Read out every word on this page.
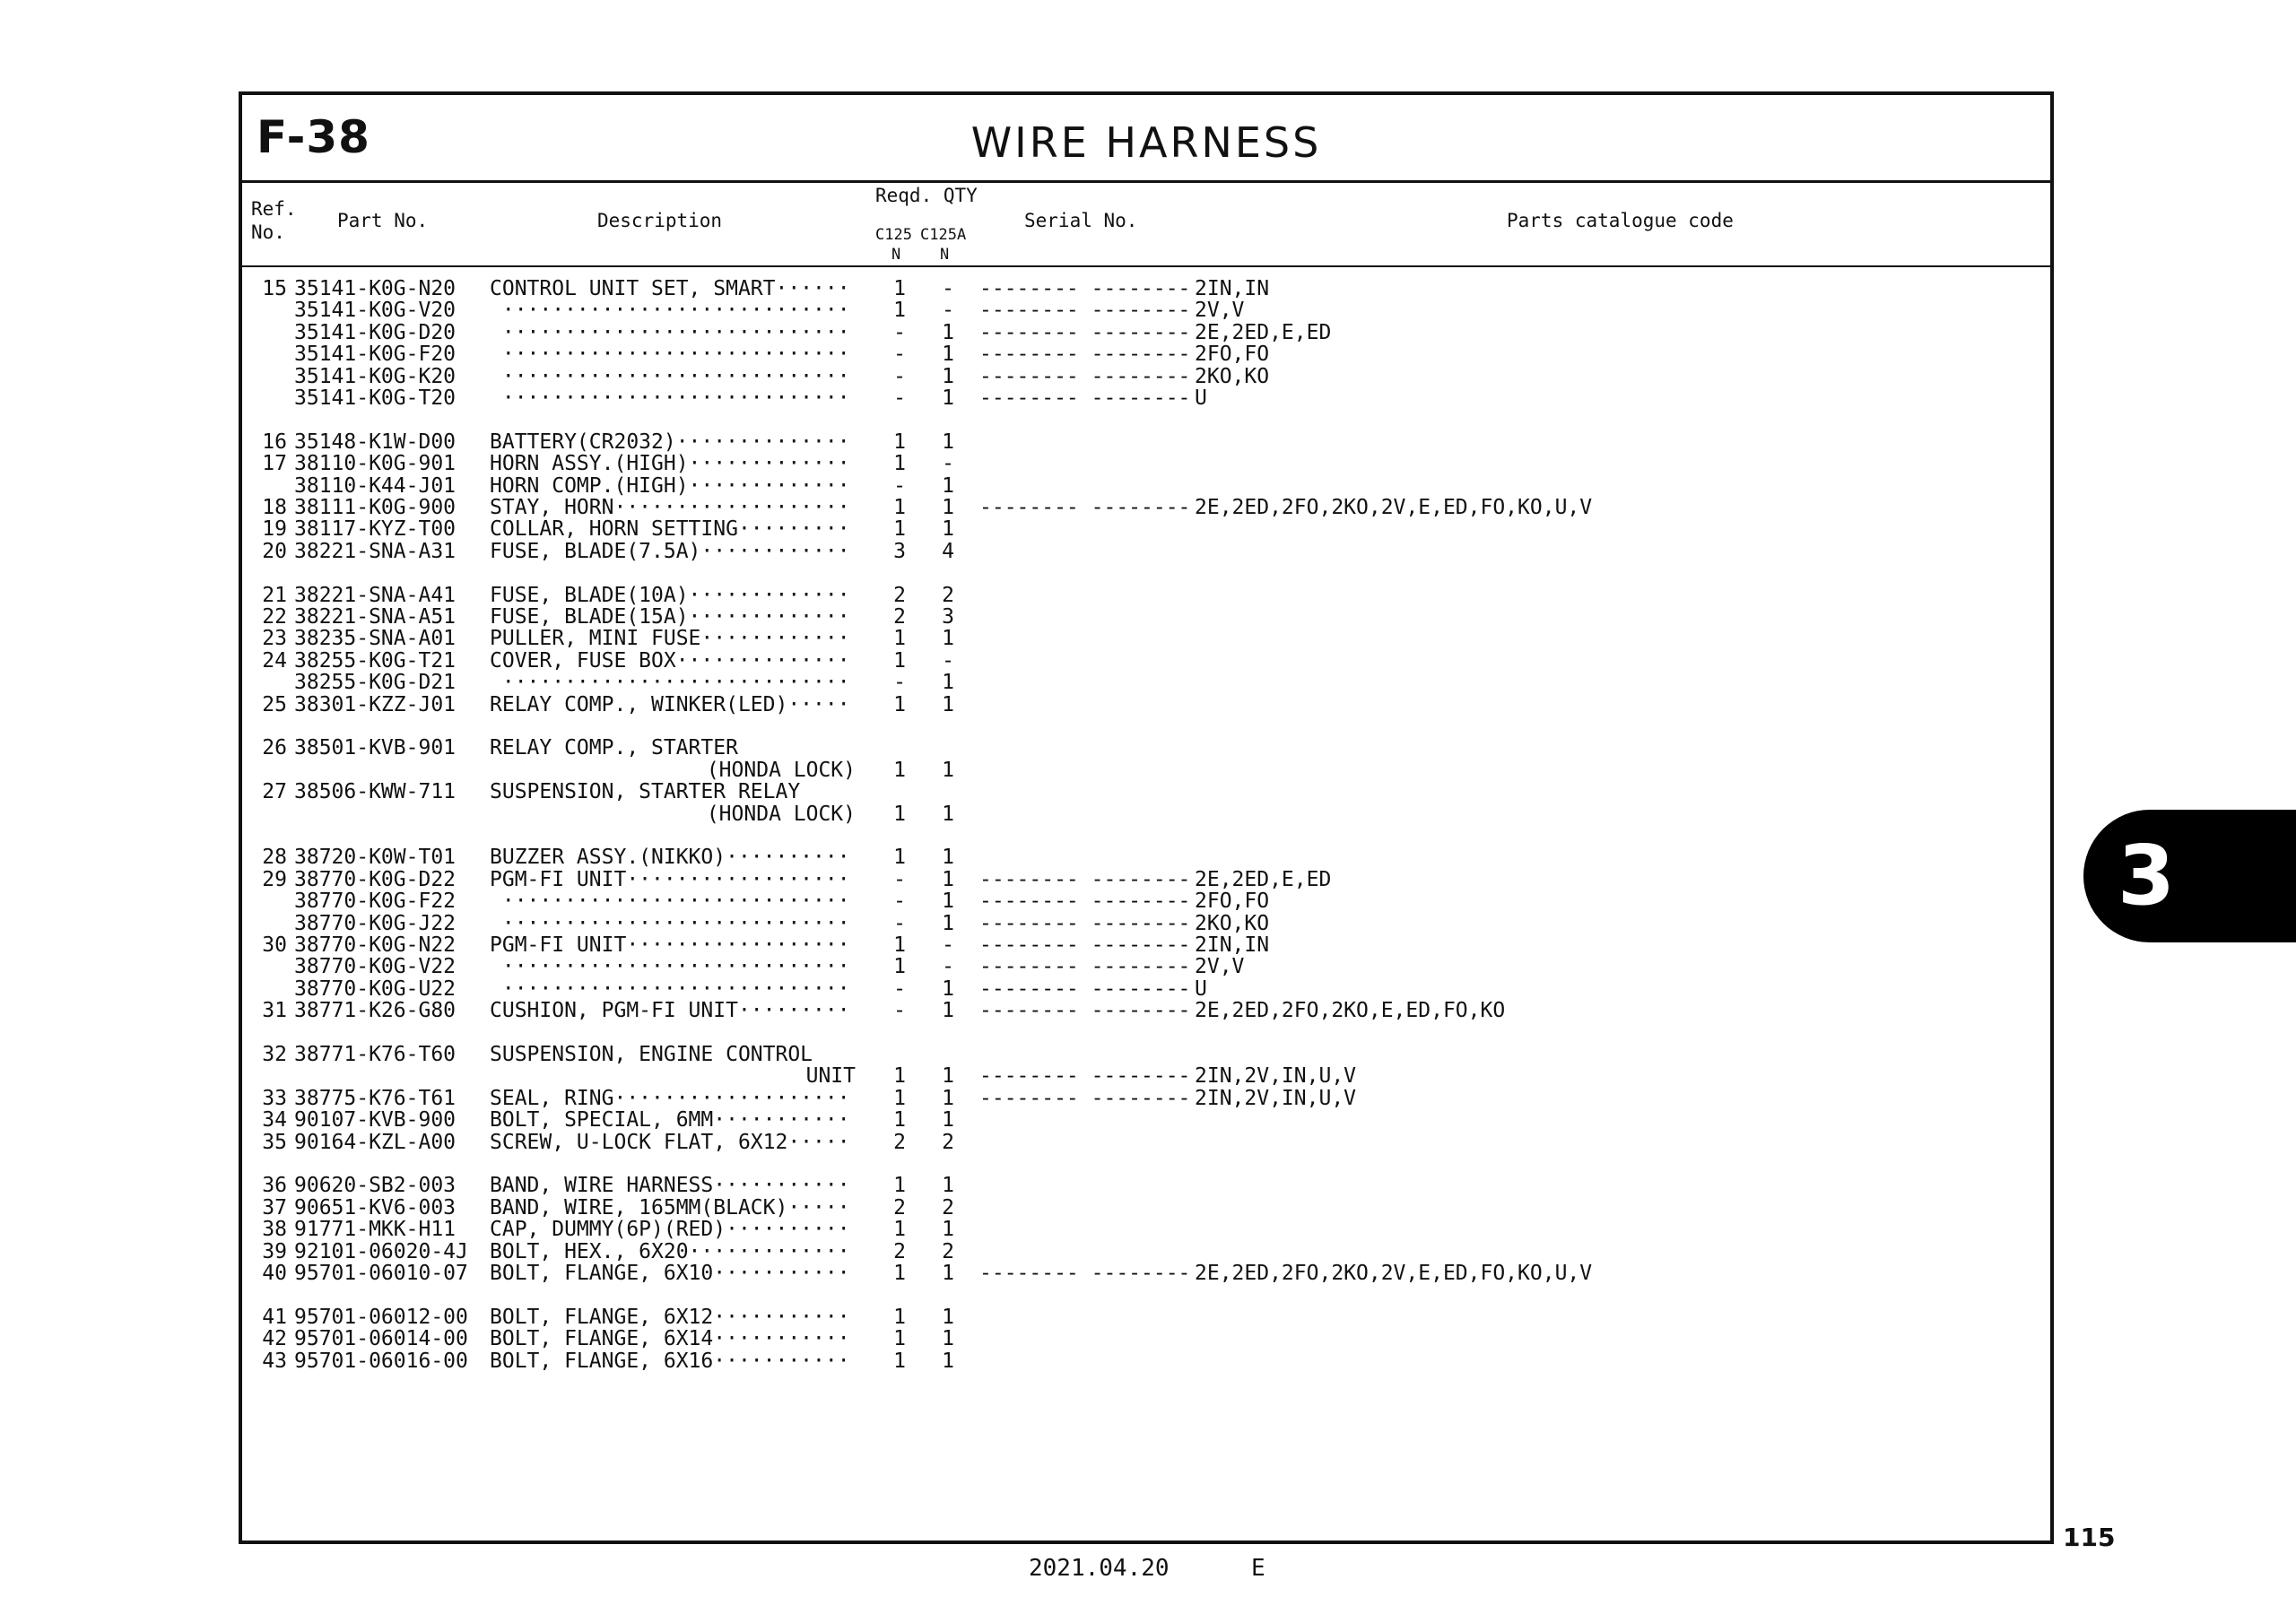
F-38	WIRE HARNESS
Ref.
No.
Part No.	Description
Reqd. QTY
C125 C125A
N	N
Serial No.	Parts catalogue code
15 35141-K0G-N20 CONTROL UNIT SET, SMART······	1	-	-------- -------- 2IN,IN
35141-K0G-V20 ····························	1	-	-------- -------- 2V,V
35141-K0G-D20 ····························	-	1	-------- -------- 2E,2ED,E,ED
35141-K0G-F20 ····························	-	1	-------- -------- 2FO,FO
35141-K0G-K20 ····························	-	1	-------- -------- 2KO,KO
35141-K0G-T20 ····························	-	1	-------- -------- U
16 35148-K1W-D00 BATTERY(CR2032)··············	1	1
17 38110-K0G-901 HORN ASSY.(HIGH)·············	1	-
38110-K44-J01 HORN COMP.(HIGH)·············	-	1
18 38111-K0G-900 STAY, HORN···················	1	1	-------- -------- 2E,2ED,2FO,2KO,2V,E,ED,FO,KO,U,V
19 38117-KYZ-T00 COLLAR, HORN SETTING·········	1	1
20 38221-SNA-A31 FUSE, BLADE(7.5A)············	3	4
21 38221-SNA-A41 FUSE, BLADE(10A)·············	2	2
22 38221-SNA-A51 FUSE, BLADE(15A)·············	2	3
23 38235-SNA-A01 PULLER, MINI FUSE············	1	1
24 38255-K0G-T21 COVER, FUSE BOX··············	1	-
38255-K0G-D21 ····························	-	1
25 38301-KZZ-J01 RELAY COMP., WINKER(LED)·····	1	1
26 38501-KVB-901 RELAY COMP., STARTER
(HONDA LOCK)	1	1
27 38506-KWW-711 SUSPENSION, STARTER RELAY
(HONDA LOCK)	1	1
28 38720-K0W-T01 BUZZER ASSY.(NIKKO)··········	1	1
29 38770-K0G-D22 PGM-FI UNIT··················	-	1	-------- -------- 2E,2ED,E,ED
38770-K0G-F22 ····························	-	1	-------- -------- 2FO,FO
38770-K0G-J22 ····························	-	1	-------- -------- 2KO,KO
30 38770-K0G-N22 PGM-FI UNIT··················	1	-	-------- -------- 2IN,IN
38770-K0G-V22 ····························	1	-	-------- -------- 2V,V
38770-K0G-U22 ····························	-	1	-------- -------- U
31 38771-K26-G80 CUSHION, PGM-FI UNIT·········	-	1	-------- -------- 2E,2ED,2FO,2KO,E,ED,FO,KO
32 38771-K76-T60 SUSPENSION, ENGINE CONTROL
UNIT	1	1	-------- -------- 2IN,2V,IN,U,V
33 38775-K76-T61 SEAL, RING···················	1	1	-------- -------- 2IN,2V,IN,U,V
34 90107-KVB-900 BOLT, SPECIAL, 6MM···········	1	1
35 90164-KZL-A00 SCREW, U-LOCK FLAT, 6X12·····	2	2
36 90620-SB2-003 BAND, WIRE HARNESS···········	1	1
37 90651-KV6-003 BAND, WIRE, 165MM(BLACK)·····	2	2
38 91771-MKK-H11 CAP, DUMMY(6P)(RED)··········	1	1
39 92101-06020-4J BOLT, HEX., 6X20·············	2	2
40 95701-06010-07 BOLT, FLANGE, 6X10···········	1	1	-------- -------- 2E,2ED,2FO,2KO,2V,E,ED,FO,KO,U,V
41 95701-06012-00 BOLT, FLANGE, 6X12···········	1	1
42 95701-06014-00 BOLT, FLANGE, 6X14···········	1	1
43 95701-06016-00 BOLT, FLANGE, 6X16···········	1	1
3
115
2021.04.20	E
